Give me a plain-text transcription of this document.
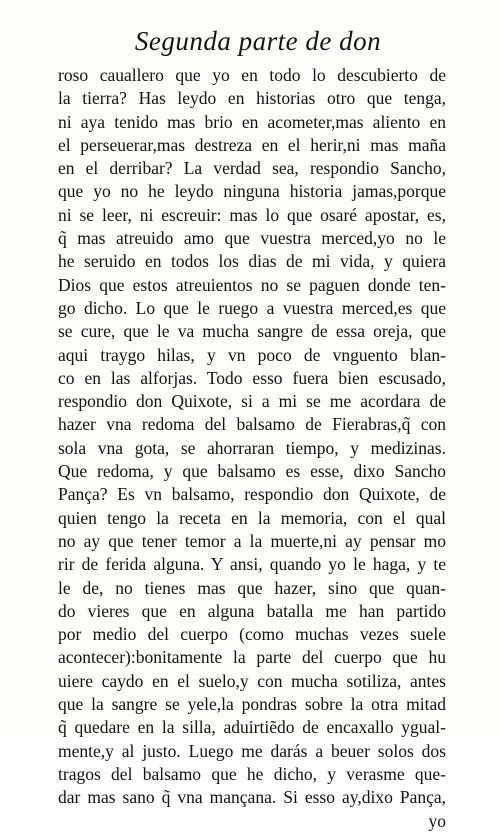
Segunda parte de don
roso cauallero que yo en todo lo descubierto de
la tierra? Has leydo en historias otro que tenga,
ni aya tenido mas brio en acometer,mas aliento en
el perseuerar,mas destreza en el herir,ni mas maña
en el derribar? La verdad sea, respondio Sancho,
que yo no he leydo ninguna historia jamas,porque
ni se leer, ni escreuir: mas lo que osaré apostar, es,
q̃ mas atreuido amo que vuestra merced,yo no le
he seruido en todos los dias de mi vida, y quiera
Dios que estos atreuientos no se paguen donde ten-
go dicho. Lo que le ruego a vuestra merced,es que
se cure, que le va mucha sangre de essa oreja, que
aqui traygo hilas, y vn poco de vnguento blan-
co en las alforjas. Todo esso fuera bien escusado,
respondio don Quixote, si a mi se me acordara de
hazer vna redoma del balsamo de Fierabras,q̃ con
sola vna gota, se ahorraran tiempo, y medizinas.
Que redoma, y que balsamo es esse, dixo Sancho
Pança? Es vn balsamo, respondio don Quixote, de
quien tengo la receta en la memoria, con el qual
no ay que tener temor a la muerte,ni ay pensar mo
rir de ferida alguna. Y ansi, quando yo le haga, y te
le de, no tienes mas que hazer, sino que quan-
do vieres que en alguna batalla me han partido
por medio del cuerpo (como muchas vezes suele
acontecer):bonitamente la parte del cuerpo que hu
uiere caydo en el suelo,y con mucha sotiliza, antes
que la sangre se yele,la pondras sobre la otra mitad
q̃ quedare en la silla, aduirtiẽdo de encaxallo ygual-
mente,y al justo. Luego me darás a beuer solos dos
tragos del balsamo que he dicho, y verasme que-
dar mas sano q̃ vna mançana. Si esso ay,dixo Pança,
yo
